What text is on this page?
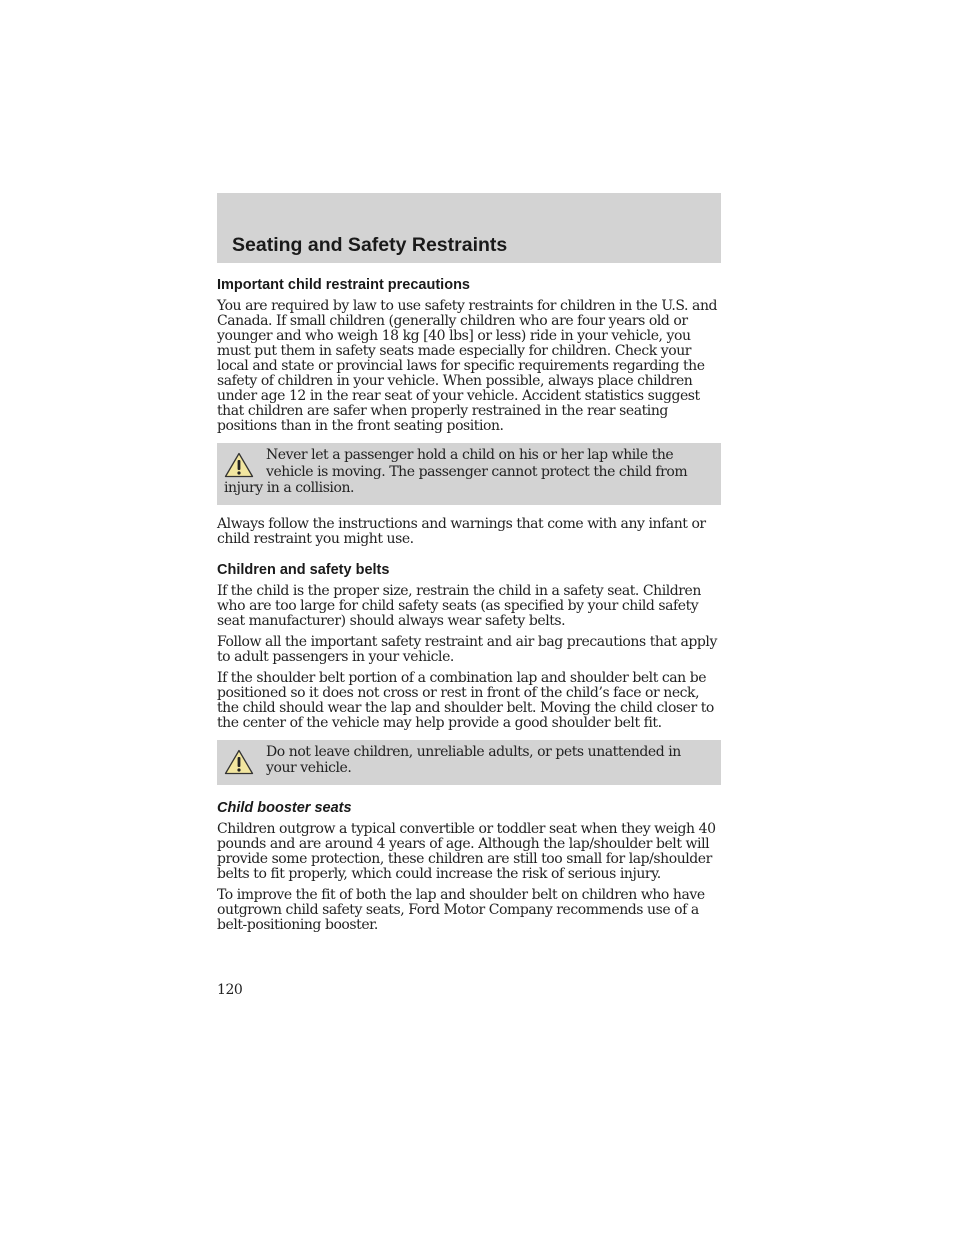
Seating and Safety Restraints
Important child restraint precautions

You are required by law to use safety restraints for children in the U.S. and Canada. If small children (generally children who are four years old or younger and who weigh 18 kg [40 lbs] or less) ride in your vehicle, you must put them in safety seats made especially for children. Check your local and state or provincial laws for specific requirements regarding the safety of children in your vehicle. When possible, always place children under age 12 in the rear seat of your vehicle. Accident statistics suggest that children are safer when properly restrained in the rear seating positions than in the front seating position.

Never let a passenger hold a child on his or her lap while the vehicle is moving. The passenger cannot protect the child from injury in a collision.

Always follow the instructions and warnings that come with any infant or child restraint you might use.

Children and safety belts

If the child is the proper size, restrain the child in a safety seat. Children who are too large for child safety seats (as specified by your child safety seat manufacturer) should always wear safety belts.

Follow all the important safety restraint and air bag precautions that apply to adult passengers in your vehicle.

If the shoulder belt portion of a combination lap and shoulder belt can be positioned so it does not cross or rest in front of the child’s face or neck, the child should wear the lap and shoulder belt. Moving the child closer to the center of the vehicle may help provide a good shoulder belt fit.

Do not leave children, unreliable adults, or pets unattended in your vehicle.
Child booster seats

Children outgrow a typical convertible or toddler seat when they weigh 40 pounds and are around 4 years of age. Although the lap/shoulder belt will provide some protection, these children are still too small for lap/shoulder belts to fit properly, which could increase the risk of serious injury.

To improve the fit of both the lap and shoulder belt on children who have outgrown child safety seats, Ford Motor Company recommends use of a belt-positioning booster.

120
